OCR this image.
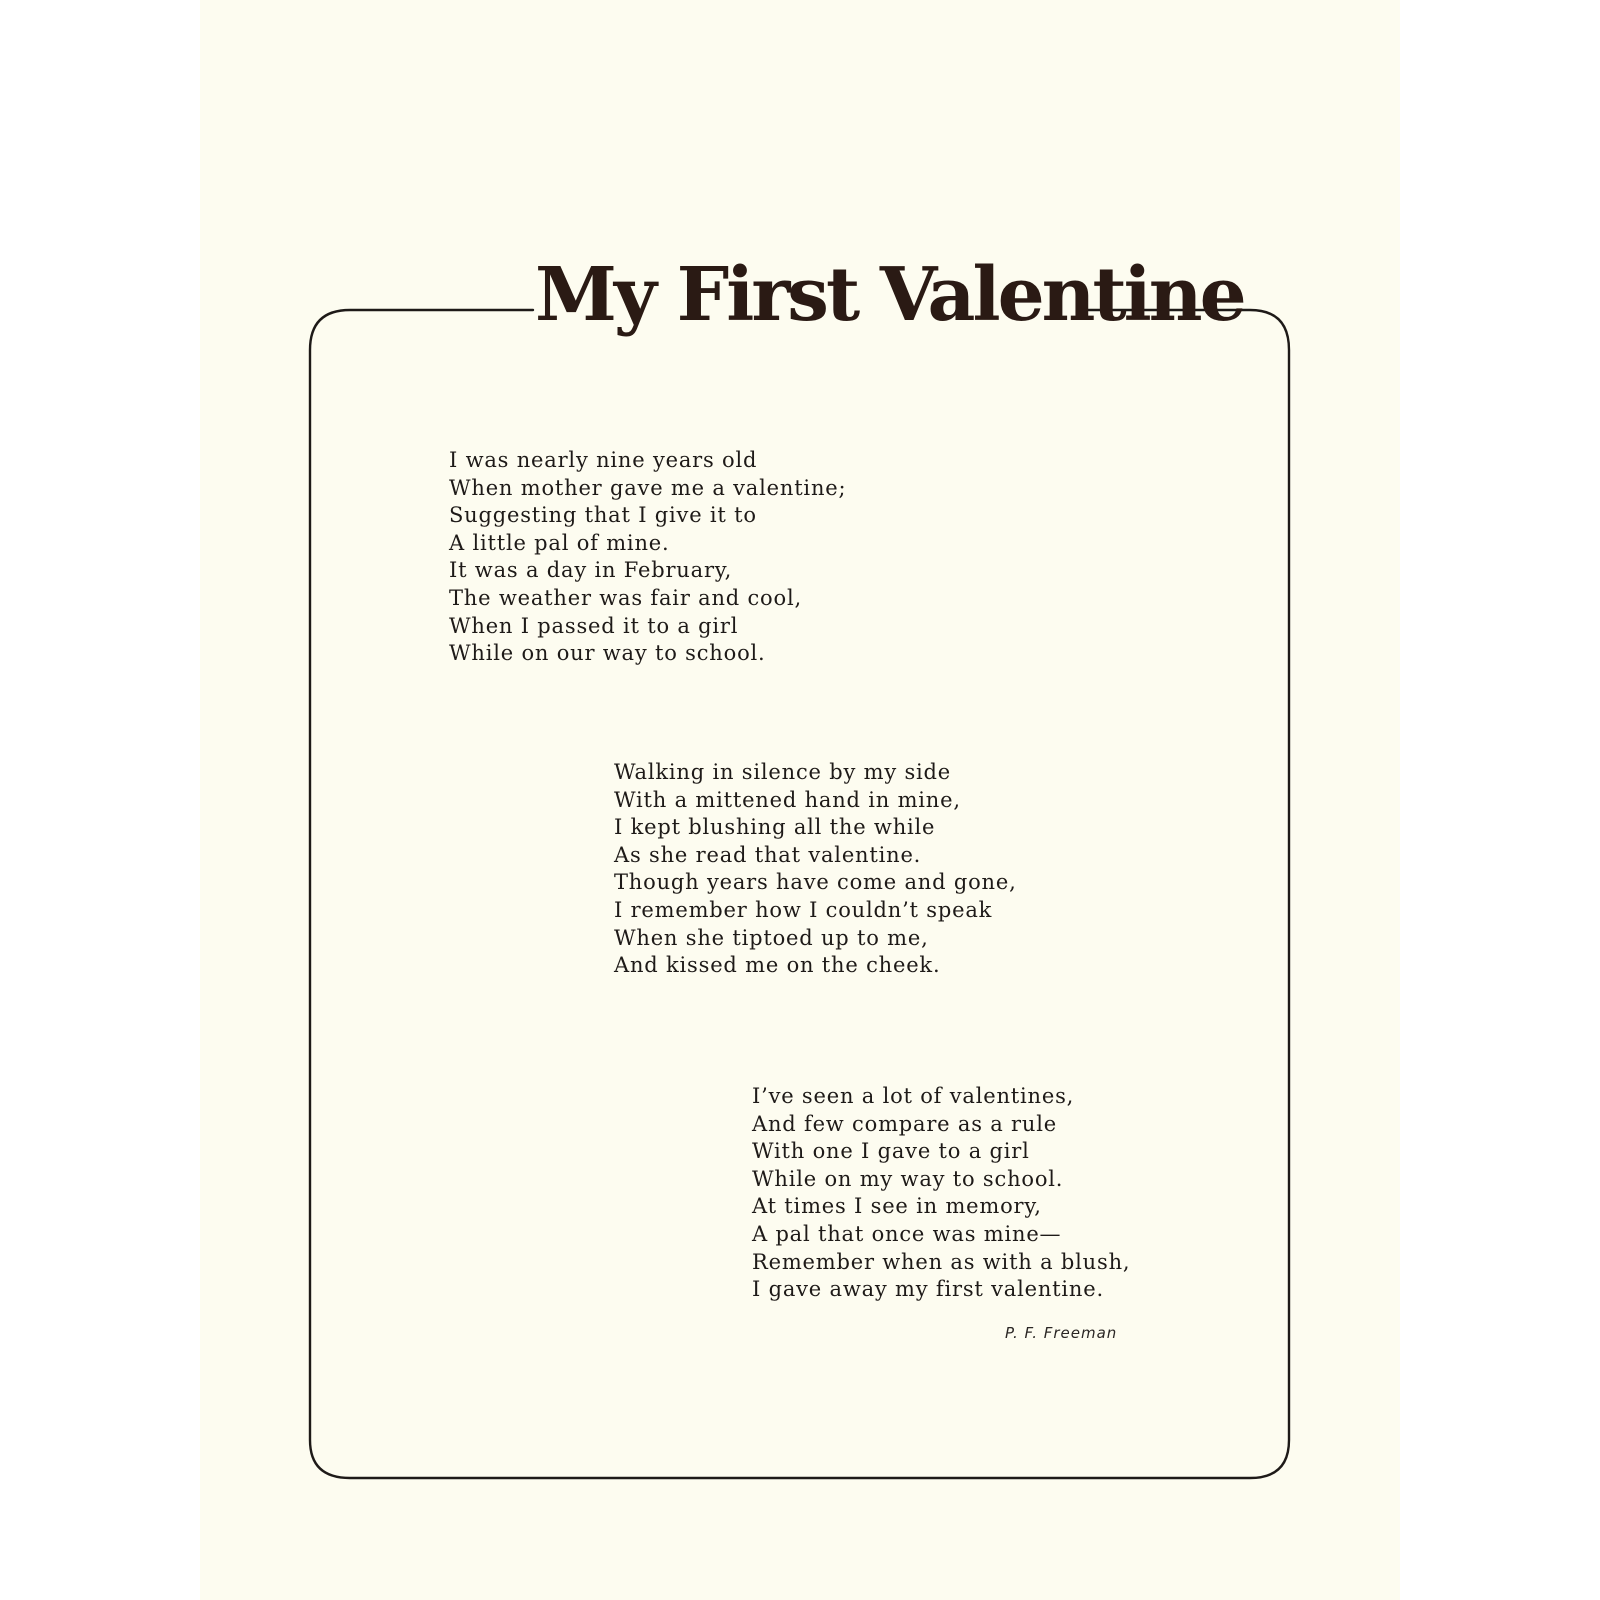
My First Valentine
I was nearly nine years old
When mother gave me a valentine;
Suggesting that I give it to
A little pal of mine.
It was a day in February,
The weather was fair and cool,
When I passed it to a girl
While on our way to school.
Walking in silence by my side
With a mittened hand in mine,
I kept blushing all the while
As she read that valentine.
Though years have come and gone,
I remember how I couldn’t speak
When she tiptoed up to me,
And kissed me on the cheek.
I’ve seen a lot of valentines,
And few compare as a rule
With one I gave to a girl
While on my way to school.
At times I see in memory,
A pal that once was mine—
Remember when as with a blush,
I gave away my first valentine.
P. F. Freeman
